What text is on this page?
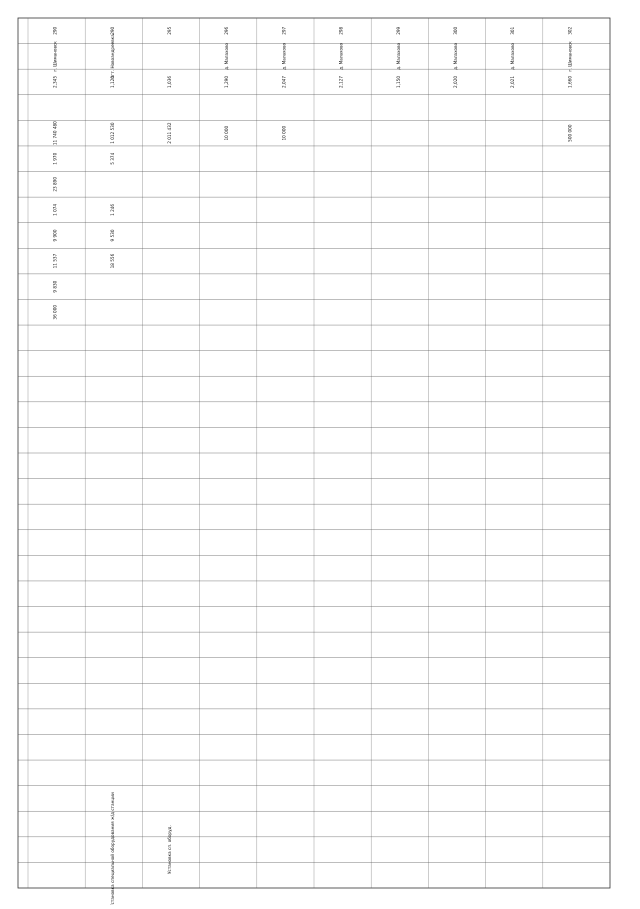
290
г. Шимановск
2,345
11 740 480
1 970
23 890
1 074
9 900
11 537
9 830
36 000
290
пгт. Новоандреевка
1,120
1 012 530
5 374
1 246
9 530
18 556
Установка специальной оборудования ж/д станции
295
1,036
2 011 432
Установка сп. оборуд.
296
д. Малахово
1,290
10 000
297
д. Малахово
2,047
10 000
298
д. Малахово
2,127
299
д. Малахово
1,150
300
д. Малахово
2,020
301
д. Малахово
2,021
302
г. Шимановск
1,660
500 000
